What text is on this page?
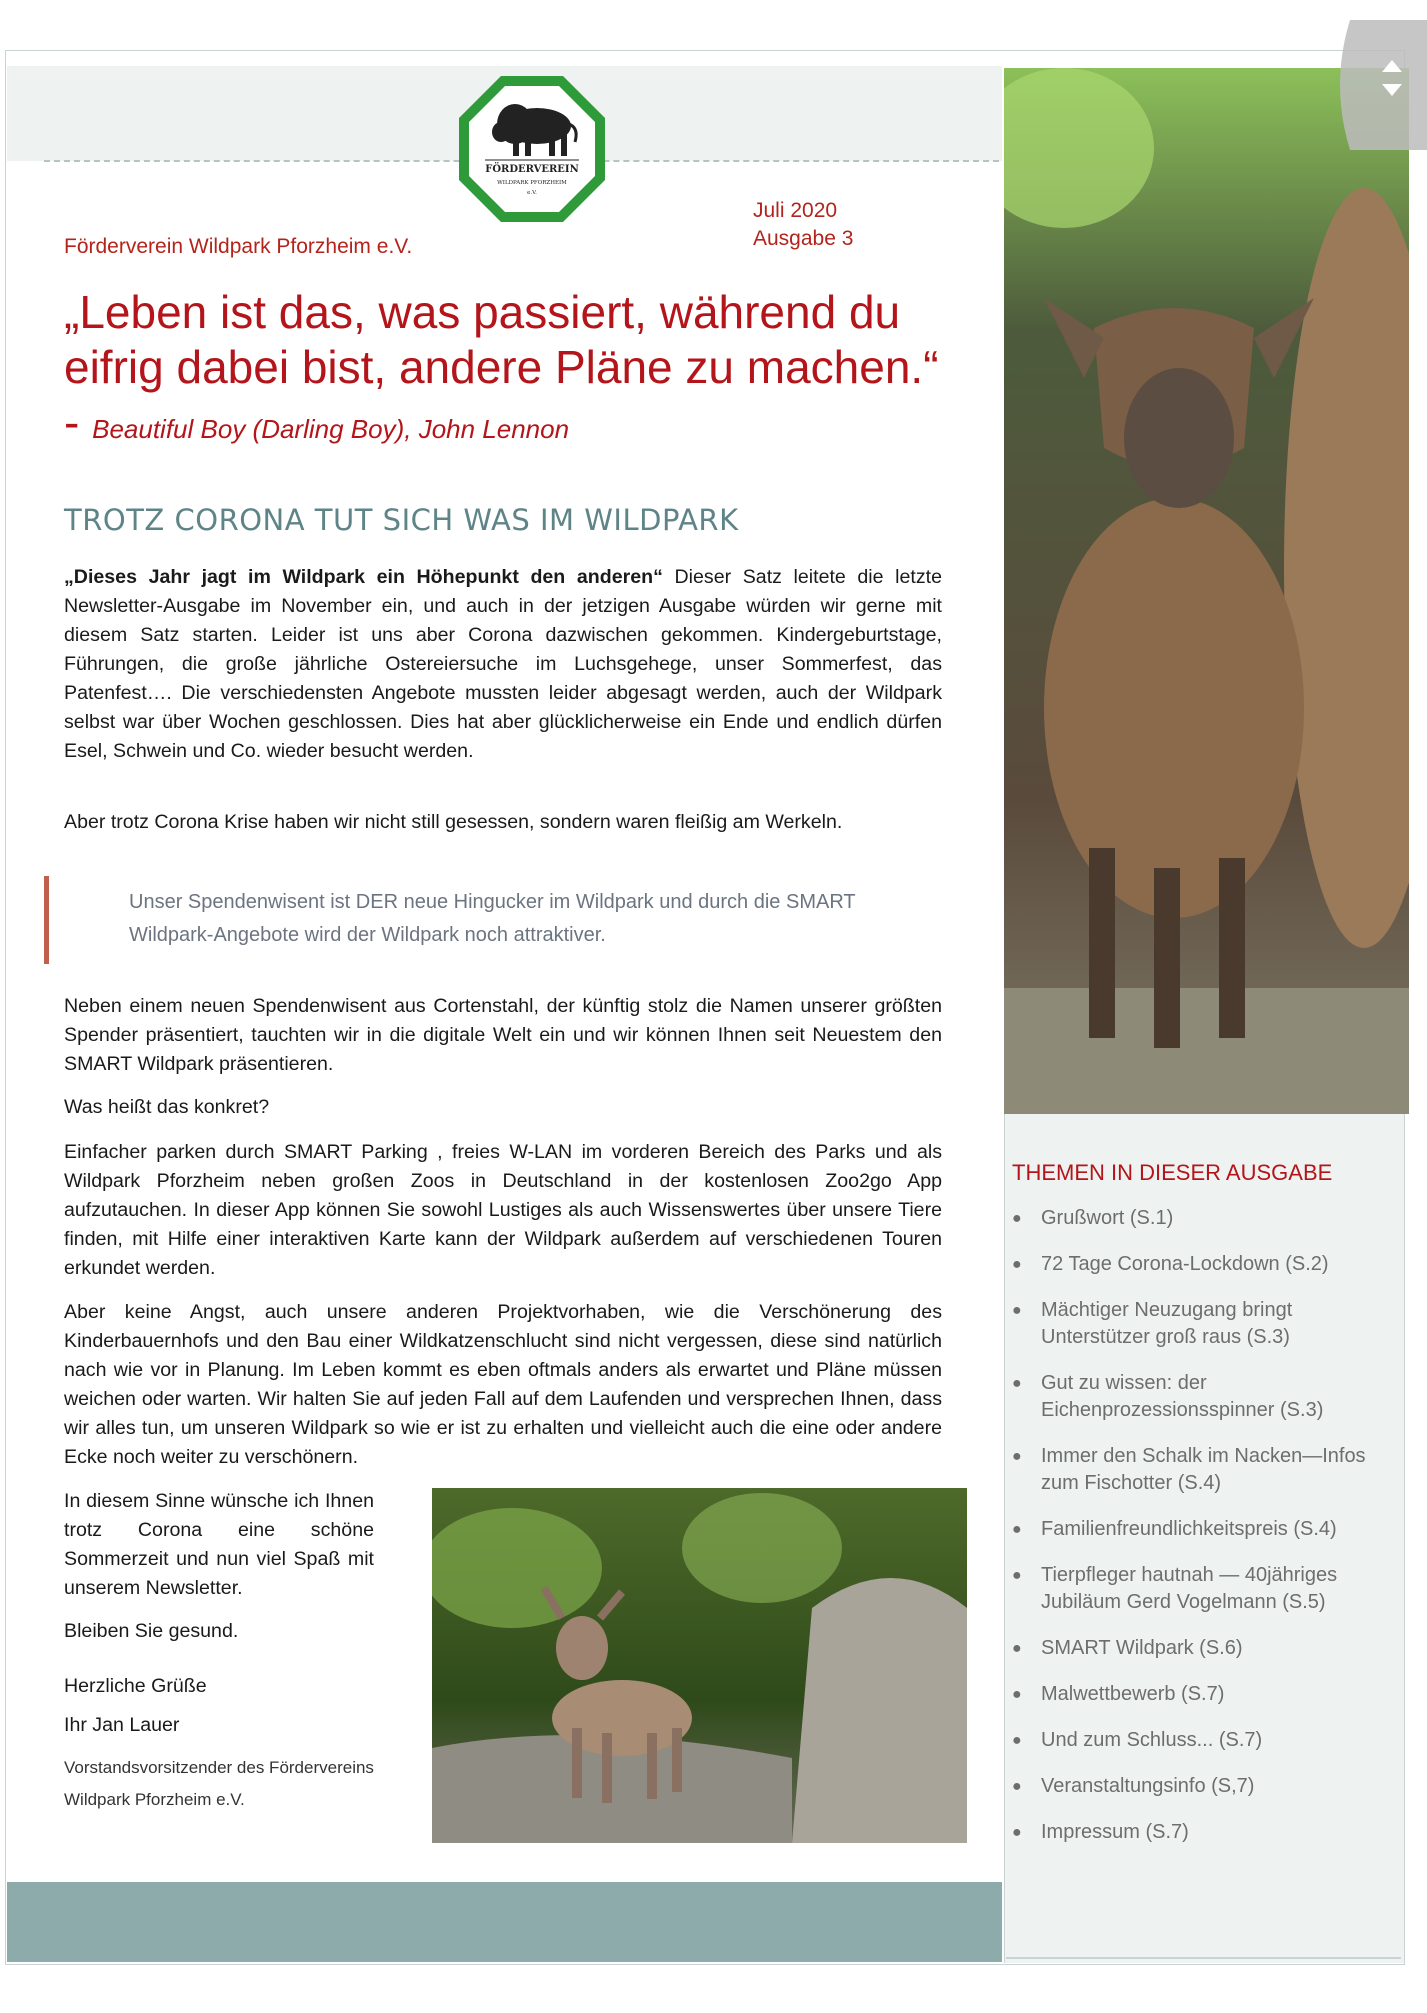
FÖRDERVEREIN
WILDPARK PFORZHEIM
e.V.
Förderverein Wildpark Pforzheim e.V.
Juli 2020
Ausgabe 3

„Leben ist das, was passiert, während du eifrig dabei bist, andere Pläne zu machen.“ - Beautiful Boy (Darling Boy), John Lennon

TROTZ CORONA TUT SICH WAS IM WILDPARK

„Dieses Jahr jagt im Wildpark ein Höhepunkt den anderen“ Dieser Satz leitete die letzte Newsletter-Ausgabe im November ein, und auch in der jetzigen Ausgabe würden wir gerne mit diesem Satz starten. Leider ist uns aber Corona dazwischen gekommen. Kindergeburtstage, Führungen, die große jährliche Ostereiersuche im Luchsgehege, unser Sommerfest, das Patenfest…. Die verschiedensten Angebote mussten leider abgesagt werden, auch der Wildpark selbst war über Wochen geschlossen. Dies hat aber glücklicherweise ein Ende und endlich dürfen Esel, Schwein und Co. wieder besucht werden.

Aber trotz Corona Krise haben wir nicht still gesessen, sondern waren fleißig am Werkeln.

Unser Spendenwisent ist DER neue Hingucker im Wildpark und durch die SMART Wildpark-Angebote wird der Wildpark noch attraktiver.

Neben einem neuen Spendenwisent aus Cortenstahl, der künftig stolz die Namen unserer größten Spender präsentiert, tauchten wir in die digitale Welt ein und wir können Ihnen seit Neuestem den SMART Wildpark präsentieren.

Was heißt das konkret?

Einfacher parken durch SMART Parking , freies W-LAN im vorderen Bereich des Parks und als Wildpark Pforzheim neben großen Zoos in Deutschland in der kostenlosen Zoo2go App aufzutauchen. In dieser App können Sie sowohl Lustiges als auch Wissenswertes über unsere Tiere finden, mit Hilfe einer interaktiven Karte kann der Wildpark außerdem auf verschiedenen Touren erkundet werden.

Aber keine Angst, auch unsere anderen Projektvorhaben, wie die Verschönerung des Kinderbauernhofs und den Bau einer Wildkatzenschlucht sind nicht vergessen, diese sind natürlich nach wie vor in Planung. Im Leben kommt es eben oftmals anders als erwartet und Pläne müssen weichen oder warten. Wir halten Sie auf jeden Fall auf dem Laufenden und versprechen Ihnen, dass wir alles tun, um unseren Wildpark so wie er ist zu erhalten und vielleicht auch die eine oder andere Ecke noch weiter zu verschönern.

In diesem Sinne wünsche ich Ihnen trotz Corona eine schöne Sommerzeit und nun viel Spaß mit unserem Newsletter.

Bleiben Sie gesund.

Herzliche Grüße

Ihr Jan Lauer

Vorstandsvorsitzender des Fördervereins Wildpark Pforzheim e.V.
THEMEN IN DIESER AUSGABE
● Grußwort (S.1)
● 72 Tage Corona-Lockdown (S.2)
● Mächtiger Neuzugang bringt Unterstützer groß raus (S.3)
● Gut zu wissen: der Eichenprozessionsspinner (S.3)
● Immer den Schalk im Nacken—Infos zum Fischotter (S.4)
● Familienfreundlichkeitspreis (S.4)
● Tierpfleger hautnah — 40jähriges Jubiläum Gerd Vogelmann (S.5)
● SMART Wildpark (S.6)
● Malwettbewerb (S.7)
● Und zum Schluss... (S.7)
● Veranstaltungsinfo (S,7)
● Impressum (S.7)
